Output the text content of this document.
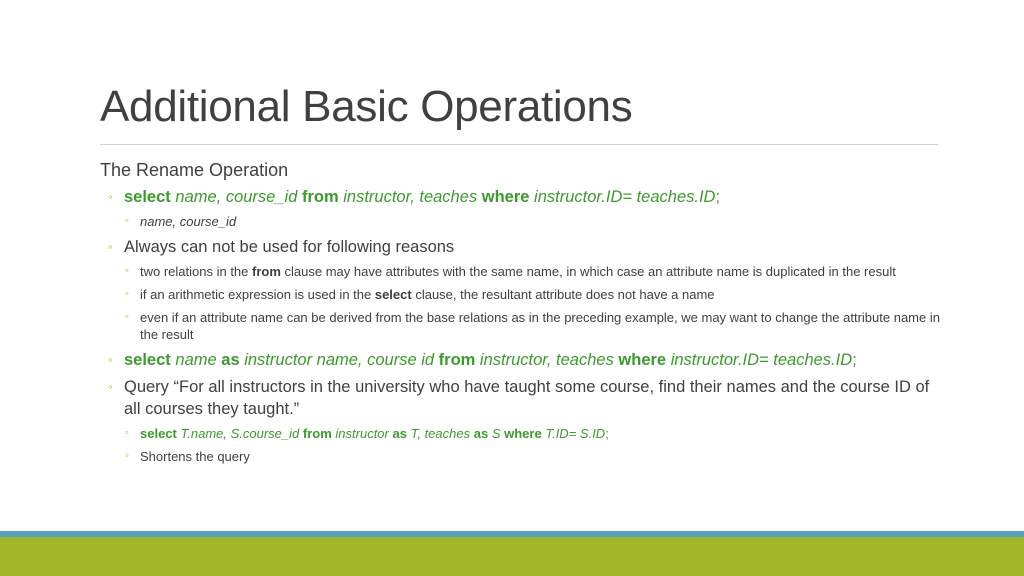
Additional Basic Operations
The Rename Operation
◦ select name, course_id from instructor, teaches where instructor.ID= teaches.ID;
◦ name, course_id
◦ Always can not be used for following reasons
◦ two relations in the from clause may have attributes with the same name, in which case an attribute name is duplicated in the result
◦ if an arithmetic expression is used in the select clause, the resultant attribute does not have a name
◦ even if an attribute name can be derived from the base relations as in the preceding example, we may want to change the attribute name in the result
◦ select name as instructor name, course id from instructor, teaches where instructor.ID= teaches.ID;
◦ Query “For all instructors in the university who have taught some course, find their names and the course ID of all courses they taught.”
◦ select T.name, S.course_id from instructor as T, teaches as S where T.ID= S.ID;
◦ Shortens the query
